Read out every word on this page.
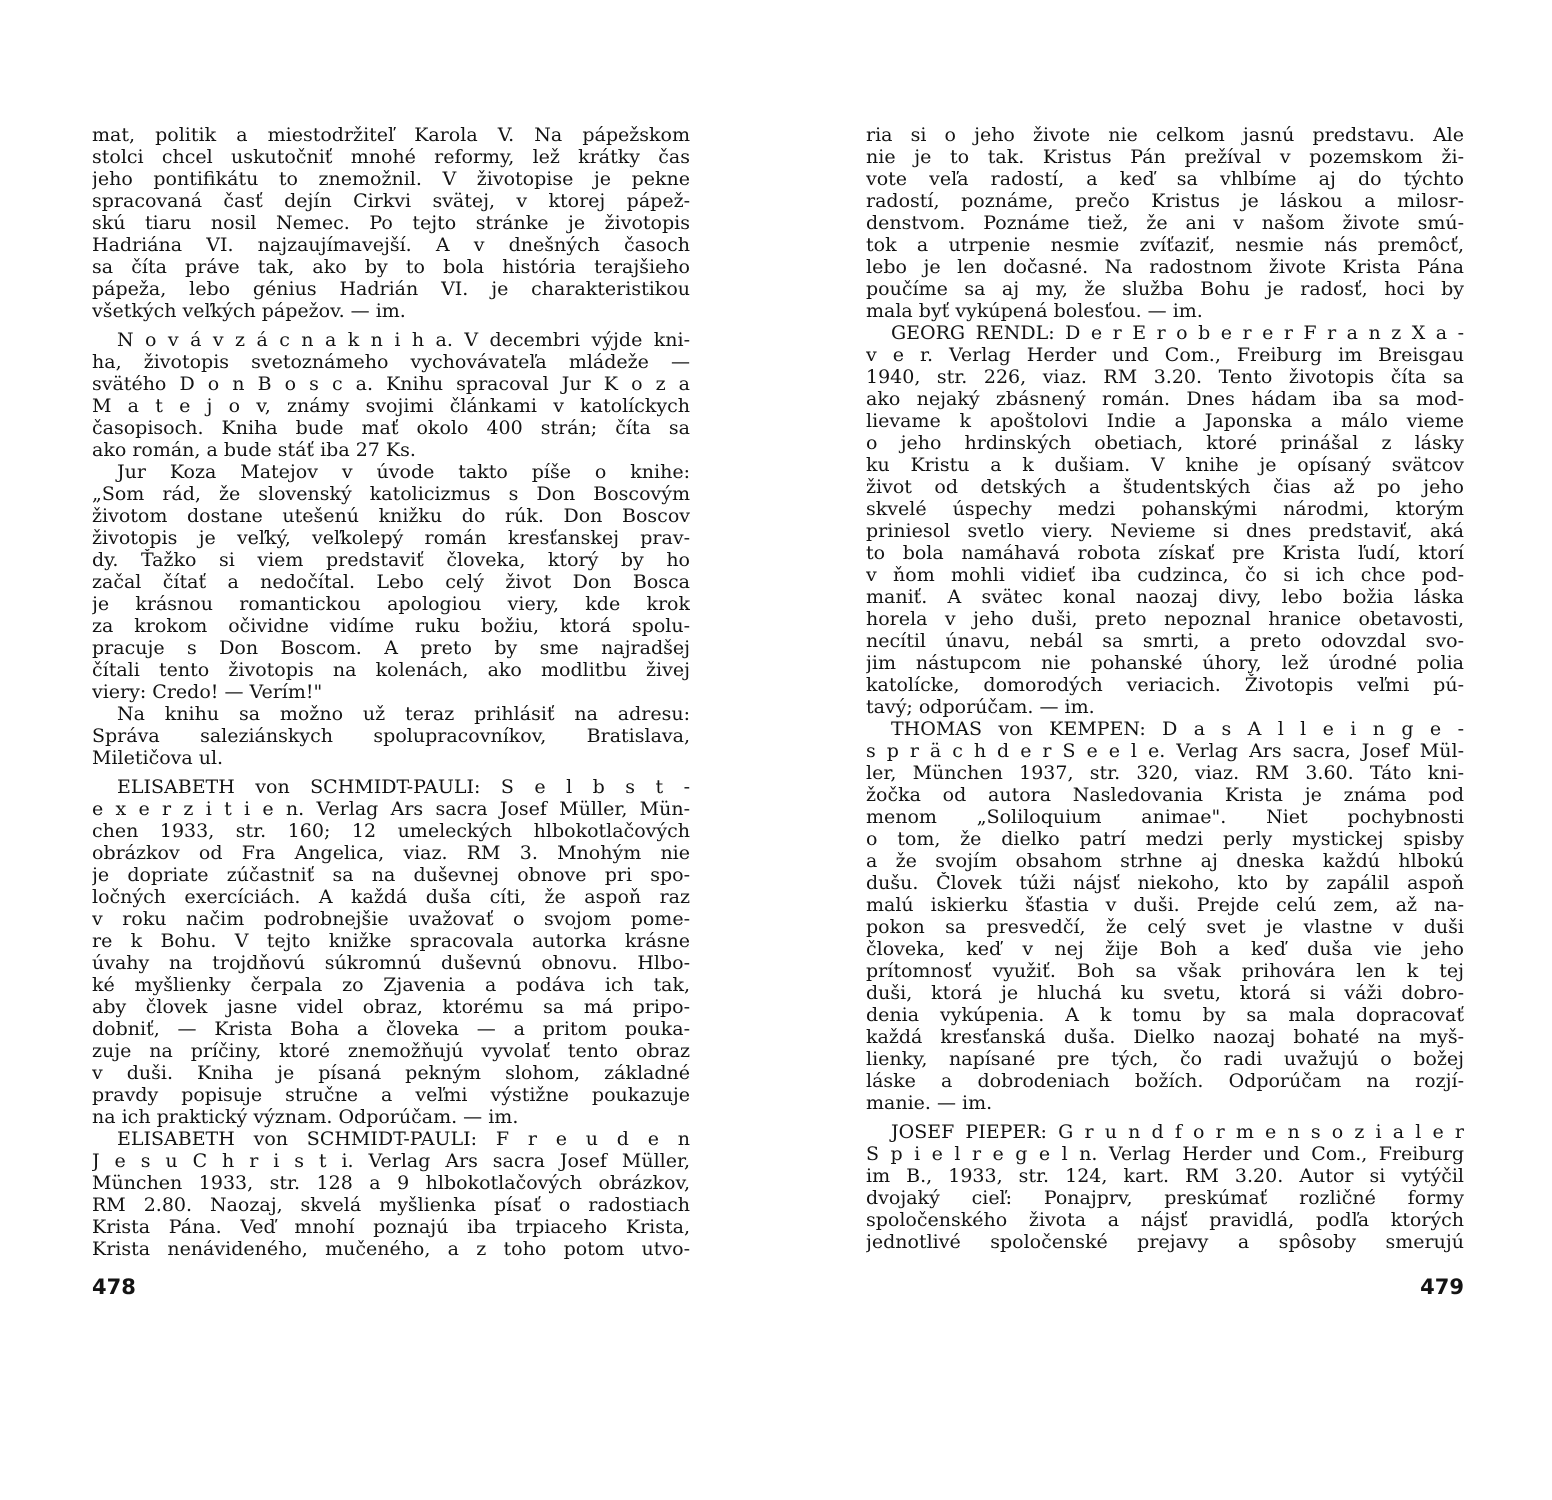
mat, politik a miestodržiteľ Karola V. Na pápežskom
stolci chcel uskutočniť mnohé reformy, lež krátky čas
jeho pontifikátu to znemožnil. V životopise je pekne
spracovaná časť dejín Cirkvi svätej, v ktorej pápež-
skú tiaru nosil Nemec. Po tejto stránke je životopis
Hadriána VI. najzaujímavejší. A v dnešných časoch
sa číta práve tak, ako by to bola história terajšieho
pápeža, lebo génius Hadrián VI. je charakteristikou
všetkých veľkých pápežov. — im.
N o v á v z á c n a k n i h a. V decembri výjde kni-
ha, životopis svetoznámeho vychovávateľa mládeže —
svätého D o n B o s c a. Knihu spracoval Jur K o z a
M a t e j o v, známy svojimi článkami v katolíckych
časopisoch. Kniha bude mať okolo 400 strán; číta sa
ako román, a bude stáť iba 27 Ks.
Jur Koza Matejov v úvode takto píše o knihe:
„Som rád, že slovenský katolicizmus s Don Boscovým
životom dostane utešenú knižku do rúk. Don Boscov
životopis je veľký, veľkolepý román kresťanskej prav-
dy. Ťažko si viem predstaviť človeka, ktorý by ho
začal čítať a nedočítal. Lebo celý život Don Bosca
je krásnou romantickou apologiou viery, kde krok
za krokom očividne vidíme ruku božiu, ktorá spolu-
pracuje s Don Boscom. A preto by sme najradšej
čítali tento životopis na kolenách, ako modlitbu živej
viery: Credo! — Verím!"
Na knihu sa možno už teraz prihlásiť na adresu:
Správa saleziánskych spolupracovníkov, Bratislava,
Miletičova ul.
ELISABETH von SCHMIDT-PAULI: S e l b s t -
e x e r z i t i e n. Verlag Ars sacra Josef Müller, Mün-
chen 1933, str. 160; 12 umeleckých hlbokotlačových
obrázkov od Fra Angelica, viaz. RM 3. Mnohým nie
je dopriate zúčastniť sa na duševnej obnove pri spo-
ločných exercíciách. A každá duša cíti, že aspoň raz
v roku načim podrobnejšie uvažovať o svojom pome-
re k Bohu. V tejto knižke spracovala autorka krásne
úvahy na trojdňovú súkromnú duševnú obnovu. Hlbo-
ké myšlienky čerpala zo Zjavenia a podáva ich tak,
aby človek jasne videl obraz, ktorému sa má pripo-
dobniť, — Krista Boha a človeka — a pritom poukа-
zuje na príčiny, ktoré znemožňujú vyvolať tento obraz
v duši. Kniha je písaná pekným slohom, základné
pravdy popisuje stručne a veľmi výstižne poukazuje
na ich praktický význam. Odporúčam. — im.
ELISABETH von SCHMIDT-PAULI: F r e u d e n
J e s u C h r i s t i. Verlag Ars sacra Josef Müller,
München 1933, str. 128 a 9 hlbokotlačových obrázkov,
RM 2.80. Naozaj, skvelá myšlienka písať o radostiach
Krista Pána. Veď mnohí poznajú iba trpiaceho Krista,
Krista nenávideného, mučeného, a z toho potom utvo-
478
ria si o jeho živote nie celkom jasnú predstavu. Ale
nie je to tak. Kristus Pán prežíval v pozemskom ži-
vote veľa radostí, a keď sa vhlbíme aj do týchto
radostí, poznáme, prečo Kristus je láskou a milosr-
denstvom. Poznáme tiež, že ani v našom živote smú-
tok a utrpenie nesmie zvíťaziť, nesmie nás premôcť,
lebo je len dočasné. Na radostnom živote Krista Pána
poučíme sa aj my, že služba Bohu je radosť, hoci by
mala byť vykúpená bolesťou. — im.
GEORG RENDL: D e r E r o b e r e r F r a n z X a -
v e r. Verlag Herder und Com., Freiburg im Breisgau
1940, str. 226, viaz. RM 3.20. Tento životopis číta sa
ako nejaký zbásnený román. Dnes hádam iba sa mod-
lievame k apoštolovi Indie a Japonska a málo vieme
o jeho hrdinských obetiach, ktoré prinášal z lásky
ku Kristu a k dušiam. V knihe je opísaný svätcov
život od detských a študentských čias až po jeho
skvelé úspechy medzi pohanskými národmi, ktorým
priniesol svetlo viery. Nevieme si dnes predstaviť, aká
to bola namáhavá robota získať pre Krista ľudí, ktorí
v ňom mohli vidieť iba cudzinca, čo si ich chce pod-
maniť. A svätec konal naozaj divy, lebo božia láska
horela v jeho duši, preto nepoznal hranice obetavosti,
necítil únavu, nebál sa smrti, a preto odovzdal svo-
jim nástupcom nie pohanské úhory, lež úrodné polia
katolícke, domorodých veriacich. Životopis veľmi pú-
tavý; odporúčam. — im.
THOMAS von KEMPEN: D a s A l l e i n g e -
s p r ä c h d e r S e e l e. Verlag Ars sacra, Josef Mül-
ler, München 1937, str. 320, viaz. RM 3.60. Táto kni-
žočka od autora Nasledovania Krista je známa pod
menom „Soliloquium animae". Niet pochybnosti
o tom, že dielko patrí medzi perly mystickej spisby
a že svojím obsahom strhne aj dneska každú hlbokú
dušu. Človek túži nájsť niekoho, kto by zapálil aspoň
malú iskierku šťastia v duši. Prejde celú zem, až na-
pokon sa presvedčí, že celý svet je vlastne v duši
človeka, keď v nej žije Boh a keď duša vie jeho
prítomnosť využiť. Boh sa však prihovára len k tej
duši, ktorá je hluchá ku svetu, ktorá si váži dobro-
denia vykúpenia. A k tomu by sa mala dopracovať
každá kresťanská duša. Dielko naozaj bohaté na myš-
lienky, napísané pre tých, čo radi uvažujú o božej
láske a dobrodeniach božích. Odporúčam na rozjí-
manie. — im.
JOSEF PIEPER: G r u n d f o r m e n s o z i a l e r
S p i e l r e g e l n. Verlag Herder und Com., Freiburg
im B., 1933, str. 124, kart. RM 3.20. Autor si vytýčil
dvojaký cieľ: Ponajprv, preskúmať rozličné formy
spoločenského života a nájsť pravidlá, podľa ktorých
jednotlivé spoločenské prejavy a spôsoby smerujú
479
